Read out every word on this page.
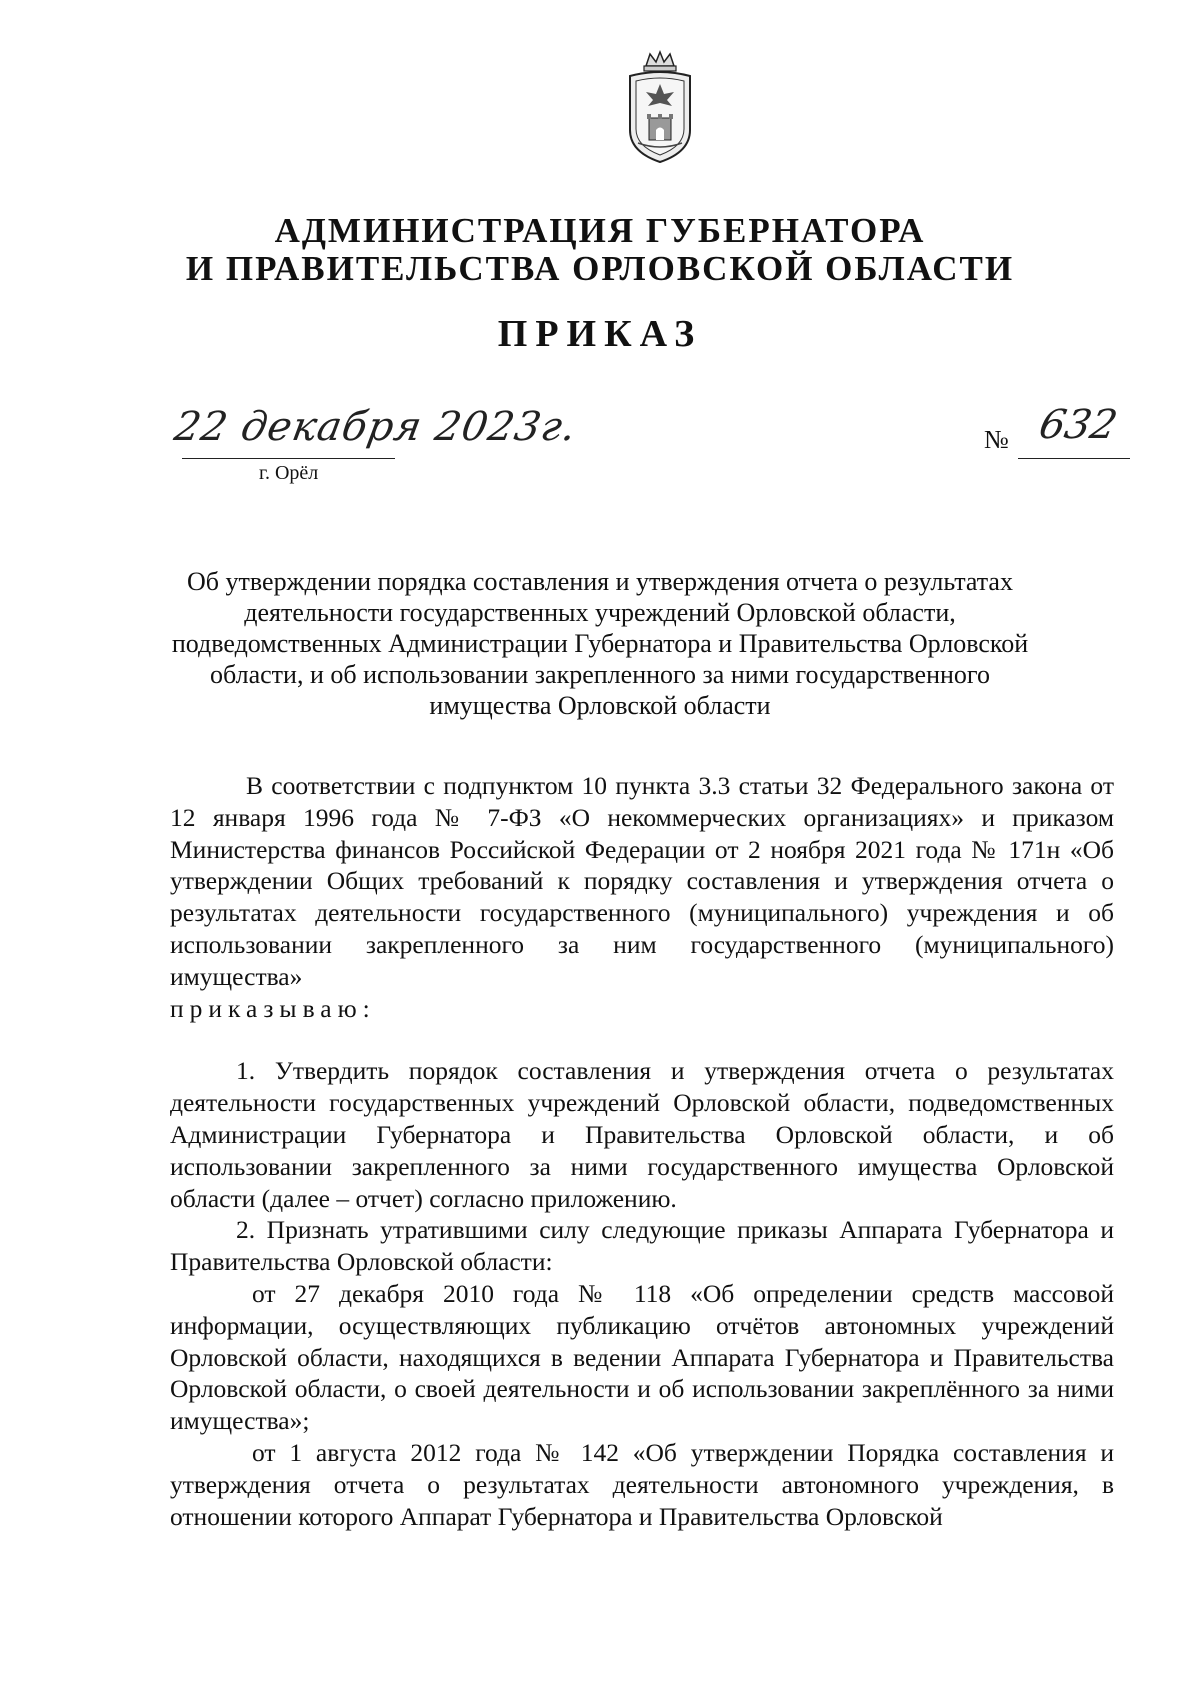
АДМИНИСТРАЦИЯ ГУБЕРНАТОРА
И ПРАВИТЕЛЬСТВА ОРЛОВСКОЙ ОБЛАСТИ
ПРИКАЗ
22 декабря 2023г.
г. Орёл
№ 632
Об утверждении порядка составления и утверждения отчета о результатах
деятельности государственных учреждений Орловской области,
подведомственных Администрации Губернатора и Правительства Орловской
области, и об использовании закрепленного за ними государственного
имущества Орловской области

В соответствии с подпунктом 10 пункта 3.3 статьи 32 Федерального закона от 12 января 1996 года № 7-ФЗ «О некоммерческих организациях» и приказом Министерства финансов Российской Федерации от 2 ноября 2021 года № 171н «Об утверждении Общих требований к порядку составления и утверждения отчета о результатах деятельности государственного (муниципального) учреждения и об использовании закрепленного за ним государственного (муниципального) имущества»

приказываю:

1. Утвердить порядок составления и утверждения отчета о результатах деятельности государственных учреждений Орловской области, подведомственных Администрации Губернатора и Правительства Орловской области, и об использовании закрепленного за ними государственного имущества Орловской области (далее – отчет) согласно приложению.

2. Признать утратившими силу следующие приказы Аппарата Губернатора и Правительства Орловской области:

от 27 декабря 2010 года № 118 «Об определении средств массовой информации, осуществляющих публикацию отчётов автономных учреждений Орловской области, находящихся в ведении Аппарата Губернатора и Правительства Орловской области, о своей деятельности и об использовании закреплённого за ними имущества»;

от 1 августа 2012 года № 142 «Об утверждении Порядка составления и утверждения отчета о результатах деятельности автономного учреждения, в отношении которого Аппарат Губернатора и Правительства Орловской
